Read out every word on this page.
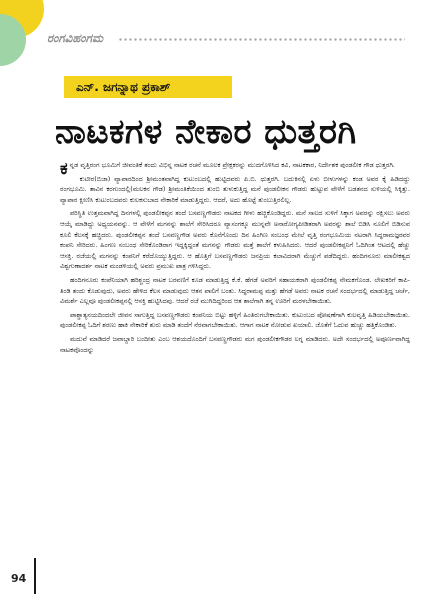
ರಂಗವಿಹಂಗಮ
ಎನ್. ಜಗನ್ನಾಥ ಪ್ರಕಾಶ್
ನಾಟಕಗಳ ನೇಕಾರ ಧುತ್ತರಗಿ

ಕನ್ನಡ ವೃತ್ತಿರಂಗ ಭೂಮಿಗೆ ಜೀವಂತಿಕೆ ತಂದು ವಿಭಿನ್ನ ನಾಟಕ ರಚನೆ ಮೂಲಕ ಪ್ರೇಕ್ಷಕರನ್ನು ಮುದಗೊಳಿಸಿದ ಕವಿ, ನಾಟಕಕಾರ, ನಿರ್ದೇಶಕ ಪುಂಡಲೀಕ ಗೌಡ ಧುತ್ತರಗಿ.

ಕುಟೀರ(ಬಿಜಾ) ವ್ಯಾಪಾರದಿಂದ ಶ್ರೀಮಂತವಾಗಿದ್ದ ಕುಟುಂಬದಲ್ಲಿ ಹುಟ್ಟಿದವರು ಪಿ.ಬಿ. ಧುತ್ತರಗಿ. ಬದುಕಿನಲ್ಲಿ ಏಳು ಬೀಳುಗಳನ್ನು ಕಂಡ ಅವರ ಕೈ ಹಿಡಿದದ್ದು ರಂಗಭೂಮಿ. ತಾವಿನ ಕರಗುಂದಲ್ಲಿ(ಮಲಕನ ಗೌಡ) ಶ್ರೀಮಂತಿಕೆಯಿಂದ ತುಂಬಿ ತುಳುಕುತ್ತಿದ್ದ ಮನೆ ಪುಂಡಲೀಕನ ಗೌಡರು ಹುಟ್ಟುವ ವೇಳೆಗೆ ಬಡತನದ ಸುಳಿಯಲ್ಲಿ ಸಿಕ್ಕಿತ್ತು. ವ್ಯಾಪಾರ ಕ್ಷೀಣಿಸಿ ಕುಟುಂಬದವರು ಕುಲಕಸುಬಾದ ನೇಕಾರಿಕೆ ಮಾಡುತ್ತಿದ್ದರು. ಆದರೆ, ಅದು ಹೊಟ್ಟೆ ತುಂಬುತ್ತಿರಲಿಲ್ಲ.

ಪರಿಸ್ಥಿತಿ ಉತ್ತಮವಾಗಿದ್ದ ದಿನಗಳಲ್ಲಿ ಪುಂಡಲೀಕಪ್ಪನ ತಂದೆ ಬಸವಣ್ಣಗೌಡರು ನಾಟಕದ ಗೀಳು ಹಚ್ಚಿಕೊಂಡಿದ್ದರು. ಮನೆ ಸಾಲದ ಸುಳಿಗೆ ಸಿಕ್ಕಾಗ ಅವರನ್ನು ರಕ್ಷಿಸಲು ಅವರು ಆಯ್ಕೆ ಮಾಡಿದ್ದು ಅಧ್ಯಯನವನ್ನು. ಆ ವೇಳೆಗೆ ಮಗನನ್ನು ಶಾಲೆಗೆ ಸೇರಿಸಿದರೂ ವ್ಯಾಸಂಗಕ್ಕೂ ಮುನ್ನವೇ ಅನಾರೋಗ್ಯಪೀಡಿತರಾಗಿ ಅವರನ್ನು ಶಾಲೆ ಬಿಡಿಸಿ ನೂಲಿಗೆ ಬಿಡಿಸುವ ಕೂಲಿ ಕೆಲಸಕ್ಕೆ ಹಚ್ಚಿದರು. ಪುಂಡಲೀಕಪ್ಪನ ತಂದೆ ಬಸವಣ್ಣಗೌಡ ಅವರು ಕೊನೆಗೊಂದು ದಿನ ಹಿಂಗಿಣ ಸಂಬಂಧ ಮೇಲೆ ವೃತ್ತಿ ರಂಗಭೂಮಿಯ ನಟರಾಗಿ ಸಿದ್ಧರಾಮಜ್ಞರವರ ಕಂಪನಿ ಸೇರಿದರು. ಹಿಂಗಣ ಸಂಬಂಧ ಸೇರಿಕೊಂಡಿರಾಗ ಇದ್ದಕ್ಕಿದ್ದಂತೆ ಮಗನನ್ನು ಗೌಡರು ಮತ್ತೆ ಶಾಲೆಗೆ ಕಳುಹಿಸಿದರು. ಆದರೆ ಪುಂಡಲೀಕಪ್ಪನಿಗೆ ಓದಿಗಿಂತ ಆಟದಲ್ಲಿ ಹೆಚ್ಚು ಆಸಕ್ತಿ. ರಜೆಯಲ್ಲಿ ಮಗನನ್ನು ಕಂಪನಿಗೆ ಕರೆದೊಯ್ಯುತ್ತಿದ್ದರು. ಆ ಹೊತ್ತಿಗೆ ಬಸವಣ್ಣಗೌಡರು ಜನಪ್ರಿಯ ಕಲಾವಿದರಾಗಿ ಮೆಚ್ಚುಗೆ ಪಡೆದಿದ್ದರು. ಹಂದಿಗನೂರು ಮಾಲೀಕತ್ವದ ವಿಶ್ವಗುಣಾದರ್ಶ ನಾಟಕ ಮಂಡಳಿಯಲ್ಲಿ ಅವರು ಪ್ರಮುಖ ಪಾತ್ರ ಗಳಿಸಿದ್ದರು.

ಹಂದಿಗನೂರು ಕಂಪೆನಿಯಾಗಿ ಹರಿಶ್ಚಂದ್ರ ನಾಟಕ ಬರವಣಿಗೆ ಕೂಡ ಮಾಡುತ್ತಿದ್ದ ಕೆ.ಕೆ. ಹೆಗಡೆ ಅವರಿಗೆ ಸಹಾಯಕರಾಗಿ ಪುಂಡಲೀಕಪ್ಪ ನೇಮಕಗೊಂಡ. ಲೇಖಕರಿಗೆ ಕಾಪಿ-ತಿಂಡಿ ತಂದು ಕೊಡುವುದು, ಅವರು ಹೇಳಿದ ಕೆಲಸ ಮಾಡುವುದು ಆತನ ಪಾಲಿಗೆ ಬಂತು. ಸಿದ್ಧರಾಮಪ್ಪ ಮತ್ತು ಹೆಗಡೆ ಅವರು ನಾಟಕ ರಚನೆ ಸಂದರ್ಭದಲ್ಲಿ ಮಾಡುತ್ತಿದ್ದ ಚರ್ಚೆ, ವಿಮರ್ಶೆ ಎಲ್ಲವೂ ಪುಂಡಲೀಕಪ್ಪನಲ್ಲಿ ಆಸಕ್ತಿ ಹುಟ್ಟಿಸಿದವು. ಆದರೆ ರಜೆ ಮುಗಿದಿದ್ದರಿಂದ ಆತ ಶಾಲೆಗಾಗಿ ತನ್ನ ಊರಿಗೆ ಮರಳಬೇಕಾಯಿತು.

ಪಾಶ್ಚಾತ್ಯನಯದಿಂದಲೇ ಜೀವನ ಸಾಗುತ್ತಿದ್ದ ಬಸವಣ್ಣಗೌಡರು ಕಂಪನಿಯ ಬಿಟ್ಟು ಹಳ್ಳಿಗೆ ಹಿಂತಿರುಗಬೇಕಾಯಿತು. ಕುಟುಂಬದ ಪೋಷಣೆಗಾಗಿ ಕುಲವೃತ್ತಿ ಹಿಡಿಯಬೇಕಾಯಿತು. ಪುಂಡಲೀಕಪ್ಪ ಓದಿಗೆ ಶರಣು ಹಾಕಿ ನೇಕಾರಿಕೆ ಶುರು ಮಾಡಿ ತಂದೆಗೆ ನೆರವಾಗಬೇಕಾಯಿತು. ಆಗಾಗ ನಾಟಕ ನೋಡುವ ಖಯಾಲಿ. ಜೊತೆಗೆ ಓದುವ ಹುಚ್ಚು ಹತ್ತಿಕೊಂಡಿತು.

ಮದುವೆ ಮಾಡಿದರೆ ಜವಾಬ್ದಾರಿ ಬಂದೀತು ಎಂಬ ಆಶಯದೊಂದಿಗೆ ಬಸವಣ್ಣಗೌಡರು ಮಗ ಪುಂಡಲೀಕಗೌಡರ ಲಗ್ನ ಮಾಡಿದರು. ಅದೇ ಸಂದರ್ಭದಲ್ಲಿ ಅಪೂರ್ಣವಾಗಿದ್ದ ನಾಟಕವೊಂದನ್ನು

94
